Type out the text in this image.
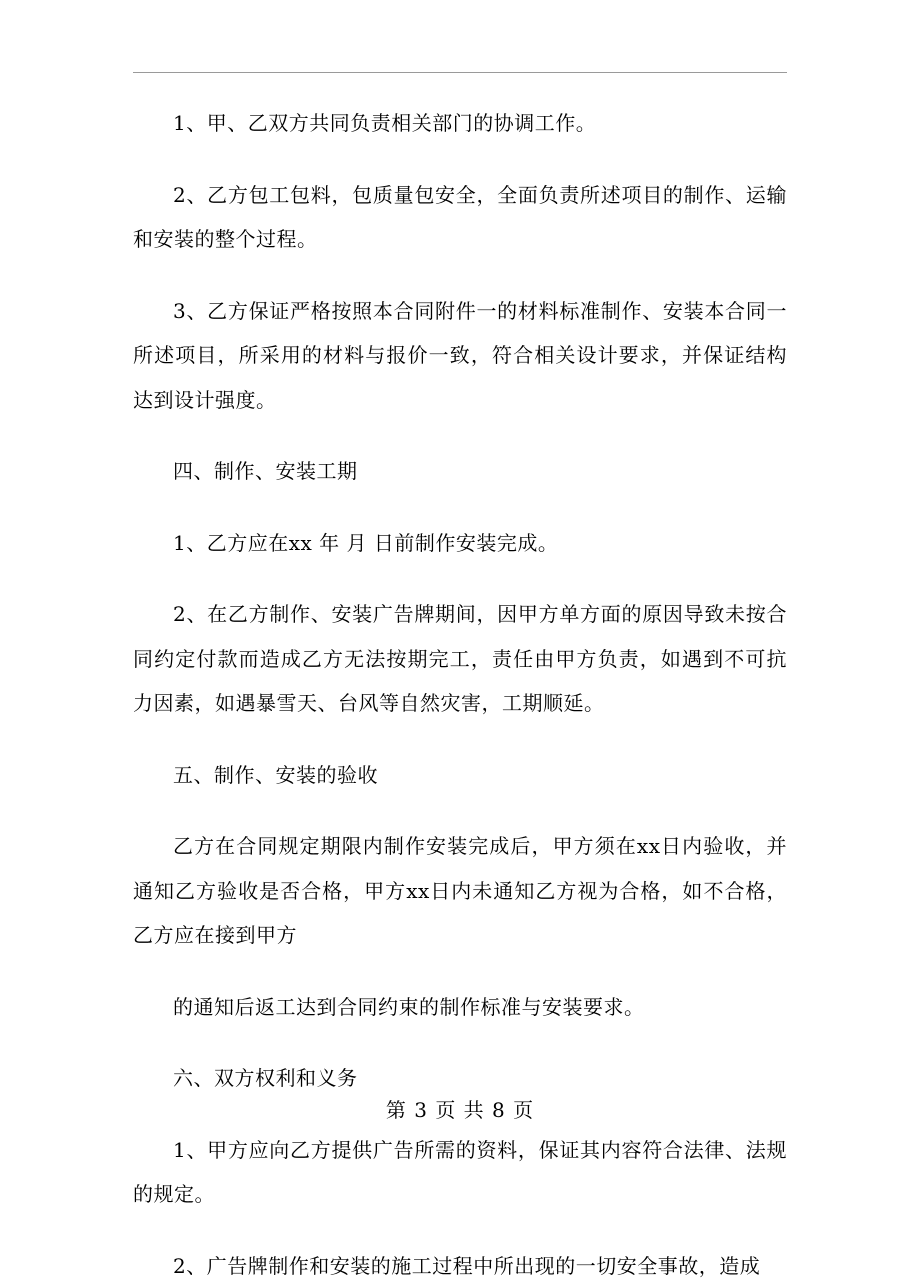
1、甲、乙双方共同负责相关部门的协调工作。

2、乙方包工包料，包质量包安全，全面负责所述项目的制作、运输和安装的整个过程。

3、乙方保证严格按照本合同附件一的材料标准制作、安装本合同一所述项目，所采用的材料与报价一致，符合相关设计要求，并保证结构达到设计强度。

四、制作、安装工期

1、乙方应在xx 年 月 日前制作安装完成。

2、在乙方制作、安装广告牌期间，因甲方单方面的原因导致未按合同约定付款而造成乙方无法按期完工，责任由甲方负责，如遇到不可抗力因素，如遇暴雪天、台风等自然灾害，工期顺延。

五、制作、安装的验收

乙方在合同规定期限内制作安装完成后，甲方须在xx日内验收，并通知乙方验收是否合格，甲方xx日内未通知乙方视为合格，如不合格，乙方应在接到甲方

的通知后返工达到合同约束的制作标准与安装要求。

六、双方权利和义务

1、甲方应向乙方提供广告所需的资料，保证其内容符合法律、法规的规定。

2、广告牌制作和安装的施工过程中所出现的一切安全事故，造成

第 3 页 共 8 页
